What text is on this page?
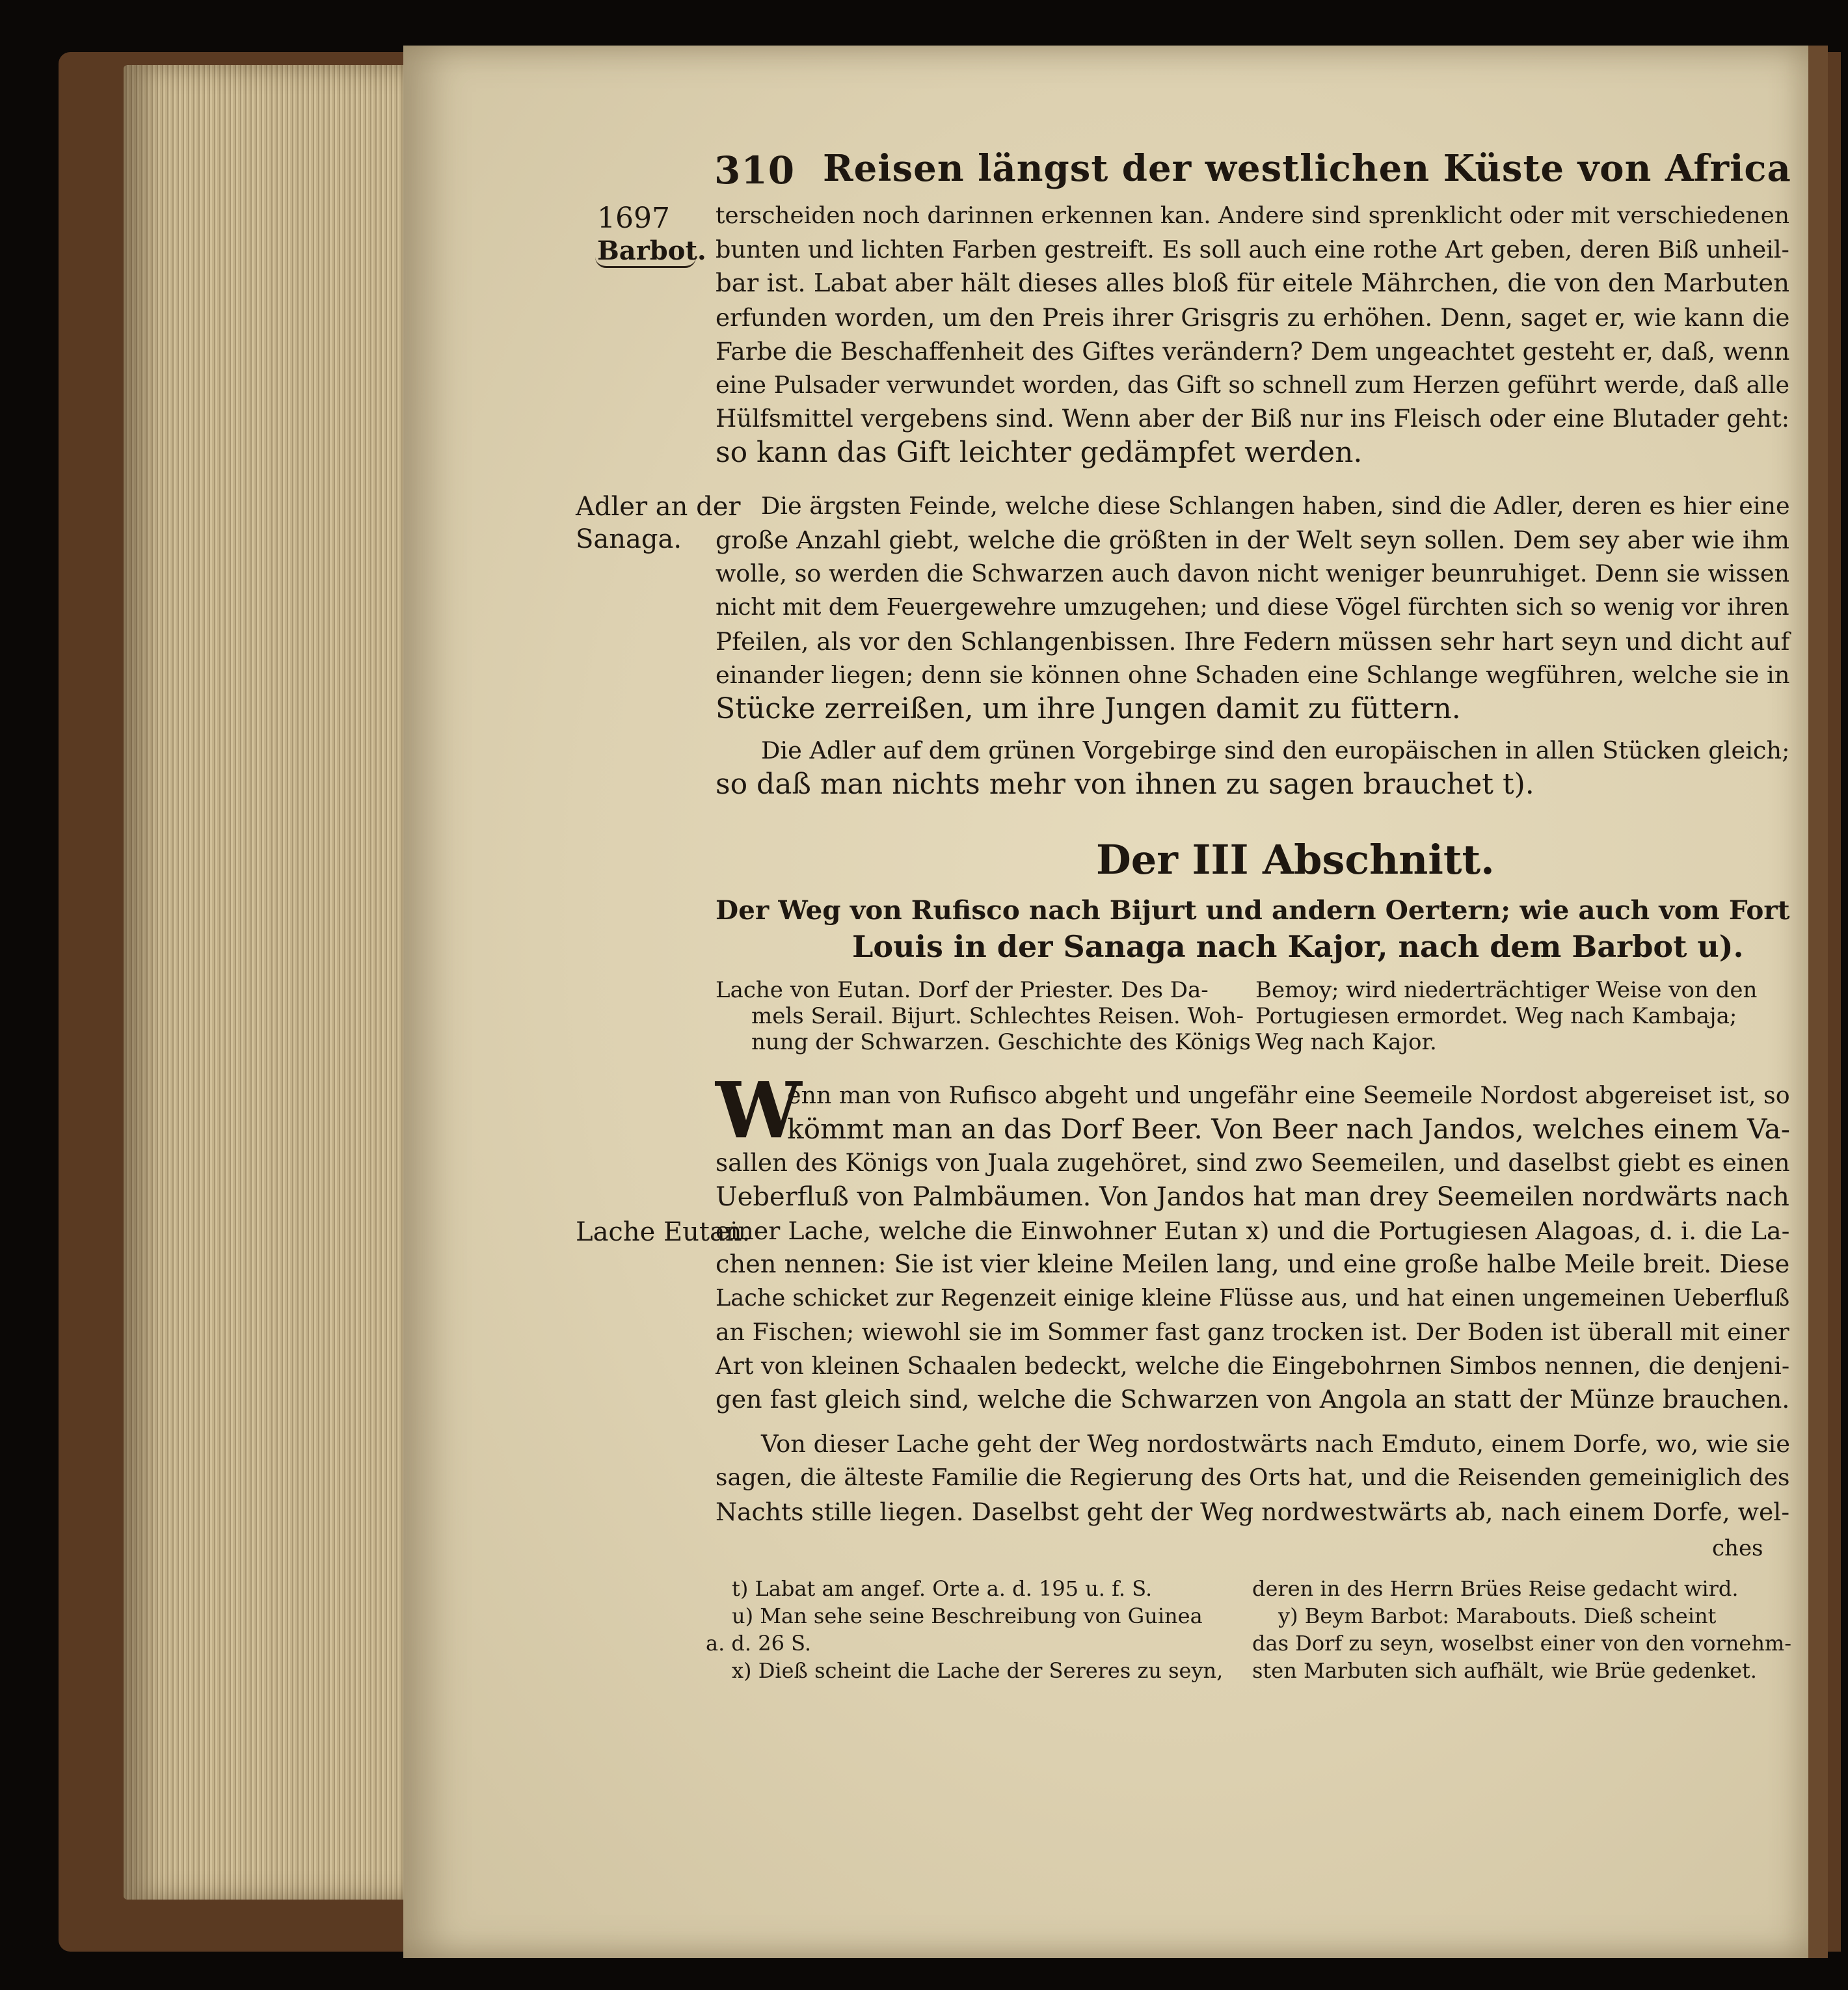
310 Reisen längst der westlichen Küste von Africa
1697
Barbot.
Adler an der
Sanaga.
Lache Eutan.
terscheiden noch darinnen erkennen kan. Andere sind sprenklicht oder mit verschiedenen
bunten und lichten Farben gestreift. Es soll auch eine rothe Art geben, deren Biß unheil-
bar ist. Labat aber hält dieses alles bloß für eitele Mährchen, die von den Marbuten
erfunden worden, um den Preis ihrer Grisgris zu erhöhen. Denn, saget er, wie kann die
Farbe die Beschaffenheit des Giftes verändern? Dem ungeachtet gesteht er, daß, wenn
eine Pulsader verwundet worden, das Gift so schnell zum Herzen geführt werde, daß alle
Hülfsmittel vergebens sind. Wenn aber der Biß nur ins Fleisch oder eine Blutader geht:
so kann das Gift leichter gedämpfet werden.
Die ärgsten Feinde, welche diese Schlangen haben, sind die Adler, deren es hier eine
große Anzahl giebt, welche die größten in der Welt seyn sollen. Dem sey aber wie ihm
wolle, so werden die Schwarzen auch davon nicht weniger beunruhiget. Denn sie wissen
nicht mit dem Feuergewehre umzugehen; und diese Vögel fürchten sich so wenig vor ihren
Pfeilen, als vor den Schlangenbissen. Ihre Federn müssen sehr hart seyn und dicht auf
einander liegen; denn sie können ohne Schaden eine Schlange wegführen, welche sie in
Stücke zerreißen, um ihre Jungen damit zu füttern.
Die Adler auf dem grünen Vorgebirge sind den europäischen in allen Stücken gleich;
so daß man nichts mehr von ihnen zu sagen brauchet t).
Der III Abschnitt.
Der Weg von Rufisco nach Bijurt und andern Oertern; wie auch vom Fort
Louis in der Sanaga nach Kajor, nach dem Barbot u).
Lache von Eutan. Dorf der Priester. Des Da-
mels Serail. Bijurt. Schlechtes Reisen. Woh-
nung der Schwarzen. Geschichte des Königs
Bemoy; wird niederträchtiger Weise von den
Portugiesen ermordet. Weg nach Kambaja;
Weg nach Kajor.
W
enn man von Rufisco abgeht und ungefähr eine Seemeile Nordost abgereiset ist, so
kömmt man an das Dorf Beer. Von Beer nach Jandos, welches einem Va-
sallen des Königs von Juala zugehöret, sind zwo Seemeilen, und daselbst giebt es einen
Ueberfluß von Palmbäumen. Von Jandos hat man drey Seemeilen nordwärts nach
einer Lache, welche die Einwohner Eutan x) und die Portugiesen Alagoas, d. i. die La-
chen nennen: Sie ist vier kleine Meilen lang, und eine große halbe Meile breit. Diese
Lache schicket zur Regenzeit einige kleine Flüsse aus, und hat einen ungemeinen Ueberfluß
an Fischen; wiewohl sie im Sommer fast ganz trocken ist. Der Boden ist überall mit einer
Art von kleinen Schaalen bedeckt, welche die Eingebohrnen Simbos nennen, die denjeni-
gen fast gleich sind, welche die Schwarzen von Angola an statt der Münze brauchen.
Von dieser Lache geht der Weg nordostwärts nach Emduto, einem Dorfe, wo, wie sie
sagen, die älteste Familie die Regierung des Orts hat, und die Reisenden gemeiniglich des
Nachts stille liegen. Daselbst geht der Weg nordwestwärts ab, nach einem Dorfe, wel-
ches
t) Labat am angef. Orte a. d. 195 u. f. S.
u) Man sehe seine Beschreibung von Guinea
a. d. 26 S.
x) Dieß scheint die Lache der Sereres zu seyn,
deren in des Herrn Brües Reise gedacht wird.
y) Beym Barbot: Marabouts. Dieß scheint
das Dorf zu seyn, woselbst einer von den vornehm-
sten Marbuten sich aufhält, wie Brüe gedenket.
